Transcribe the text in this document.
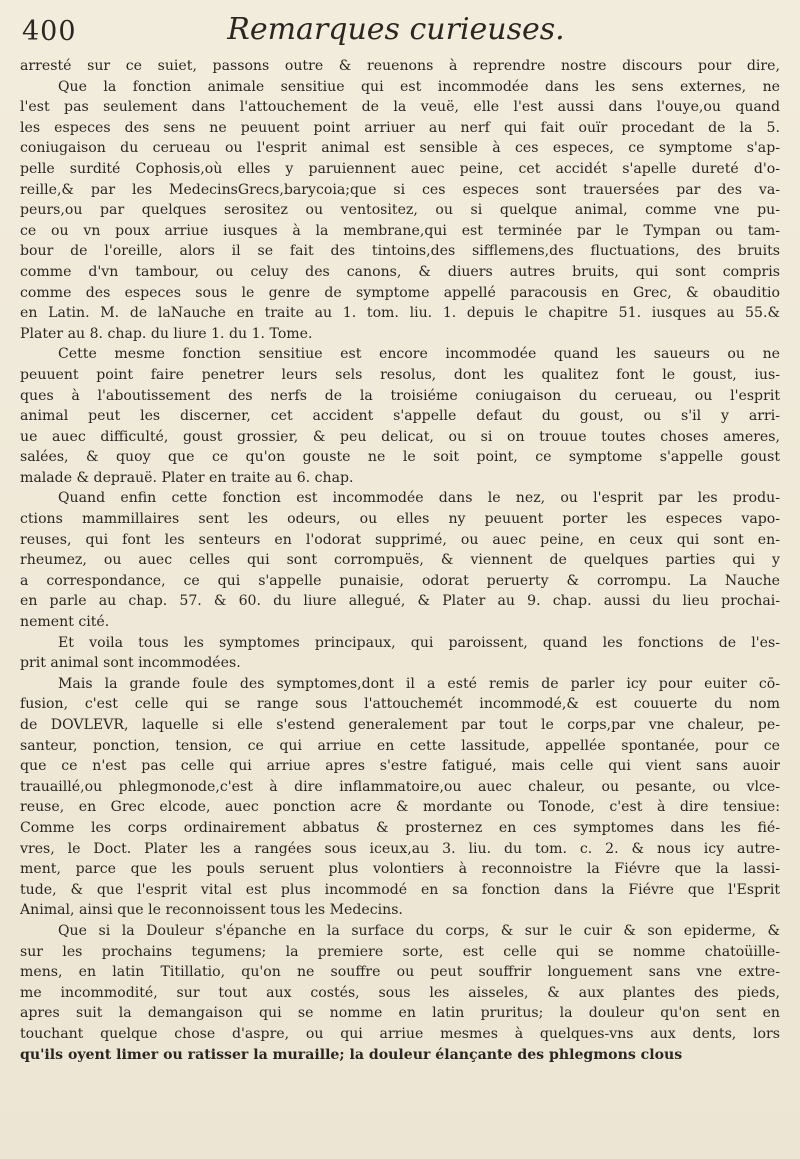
400	Remarques curieuses.
arresté sur ce suiet, passons outre & reuenons à reprendre nostre discours pour dire,
Que la fonction animale sensitiue qui est incommodée dans les sens externes, ne
l'est pas seulement dans l'attouchement de la veuë, elle l'est aussi dans l'ouye,ou quand
les especes des sens ne peuuent point arriuer au nerf qui fait ouïr procedant de la 5.
coniugaison du cerueau ou l'esprit animal est sensible à ces especes, ce symptome s'ap-
pelle surdité Cophosis,où elles y paruiennent auec peine, cet accidét s'apelle dureté d'o-
reille,& par les MedecinsGrecs,barycoia;que si ces especes sont trauersées par des va-
peurs,ou par quelques serositez ou ventositez, ou si quelque animal, comme vne pu-
ce ou vn poux arriue iusques à la membrane,qui est terminée par le Tympan ou tam-
bour de l'oreille, alors il se fait des tintoins,des sifflemens,des fluctuations, des bruits
comme d'vn tambour, ou celuy des canons, & diuers autres bruits, qui sont compris
comme des especes sous le genre de symptome appellé paracousis en Grec, & obauditio
en Latin. M. de laNauche en traite au 1. tom. liu. 1. depuis le chapitre 51. iusques au 55.&
Plater au 8. chap. du liure 1. du 1. Tome.
Cette mesme fonction sensitiue est encore incommodée quand les saueurs ou ne
peuuent point faire penetrer leurs sels resolus, dont les qualitez font le goust, ius-
ques à l'aboutissement des nerfs de la troisiéme coniugaison du cerueau, ou l'esprit
animal peut les discerner, cet accident s'appelle defaut du goust, ou s'il y arri-
ue auec difficulté, goust grossier, & peu delicat, ou si on trouue toutes choses ameres,
salées, & quoy que ce qu'on gouste ne le soit point, ce symptome s'appelle goust
malade & deprauë. Plater en traite au 6. chap.
Quand enfin cette fonction est incommodée dans le nez, ou l'esprit par les produ-
ctions mammillaires sent les odeurs, ou elles ny peuuent porter les especes vapo-
reuses, qui font les senteurs en l'odorat supprimé, ou auec peine, en ceux qui sont en-
rheumez, ou auec celles qui sont corrompuës, & viennent de quelques parties qui y
a correspondance, ce qui s'appelle punaisie, odorat peruerty & corrompu. La Nauche
en parle au chap. 57. & 60. du liure allegué, & Plater au 9. chap. aussi du lieu prochai-
nement cité.
Et voila tous les symptomes principaux, qui paroissent, quand les fonctions de l'es-
prit animal sont incommodées.
Mais la grande foule des symptomes,dont il a esté remis de parler icy pour euiter cō-
fusion, c'est celle qui se range sous l'attouchemét incommodé,& est couuerte du nom
de DOVLEVR, laquelle si elle s'estend generalement par tout le corps,par vne chaleur, pe-
santeur, ponction, tension, ce qui arriue en cette lassitude, appellée spontanée, pour ce
que ce n'est pas celle qui arriue apres s'estre fatigué, mais celle qui vient sans auoir
trauaillé,ou phlegmonode,c'est à dire inflammatoire,ou auec chaleur, ou pesante, ou vlce-
reuse, en Grec elcode, auec ponction acre & mordante ou Tonode, c'est à dire tensiue:
Comme les corps ordinairement abbatus & prosternez en ces symptomes dans les fié-
vres, le Doct. Plater les a rangées sous iceux,au 3. liu. du tom. c. 2. & nous icy autre-
ment, parce que les pouls seruent plus volontiers à reconnoistre la Fiévre que la lassi-
tude, & que l'esprit vital est plus incommodé en sa fonction dans la Fiévre que l'Esprit
Animal, ainsi que le reconnoissent tous les Medecins.
Que si la Douleur s'épanche en la surface du corps, & sur le cuir & son epiderme, &
sur les prochains tegumens; la premiere sorte, est celle qui se nomme chatoüille-
mens, en latin Titillatio, qu'on ne souffre ou peut souffrir longuement sans vne extre-
me incommodité, sur tout aux costés, sous les aisseles, & aux plantes des pieds,
apres suit la demangaison qui se nomme en latin pruritus; la douleur qu'on sent en
touchant quelque chose d'aspre, ou qui arriue mesmes à quelques-vns aux dents, lors
qu'ils oyent limer ou ratisser la muraille; la douleur élançante des phlegmons clous
